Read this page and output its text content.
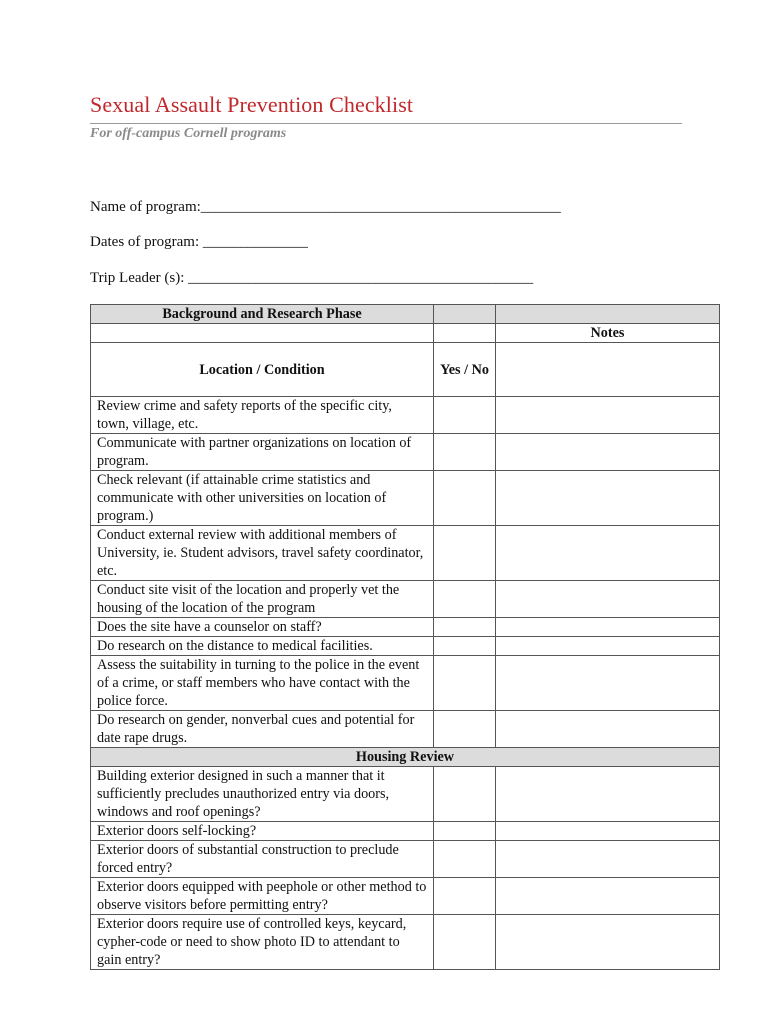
Sexual Assault Prevention Checklist
For off-campus Cornell programs
Name of program:________________________________________________
Dates of program: ______________
Trip Leader (s): ______________________________________________
Background and Research Phase		
		Notes
Location / Condition	Yes / No	
Review crime and safety reports of the specific city, town, village, etc.		
Communicate with partner organizations on location of program.		
Check relevant (if attainable crime statistics and communicate with other universities on location of program.)		
Conduct external review with additional members of University, ie. Student advisors, travel safety coordinator, etc.		
Conduct site visit of the location and properly vet the housing of the location of the program		
Does the site have a counselor on staff?		
Do research on the distance to medical facilities.		
Assess the suitability in turning to the police in the event of a crime, or staff members who have contact with the police force.		
Do research on gender, nonverbal cues and potential for date rape drugs.		
Housing Review		
Building exterior designed in such a manner that it sufficiently precludes unauthorized entry via doors, windows and roof openings?		
Exterior doors self-locking?		
Exterior doors of substantial construction to preclude forced entry?		
Exterior doors equipped with peephole or other method to observe visitors before permitting entry?		
Exterior doors require use of controlled keys, keycard, cypher-code or need to show photo ID to attendant to gain entry?		
